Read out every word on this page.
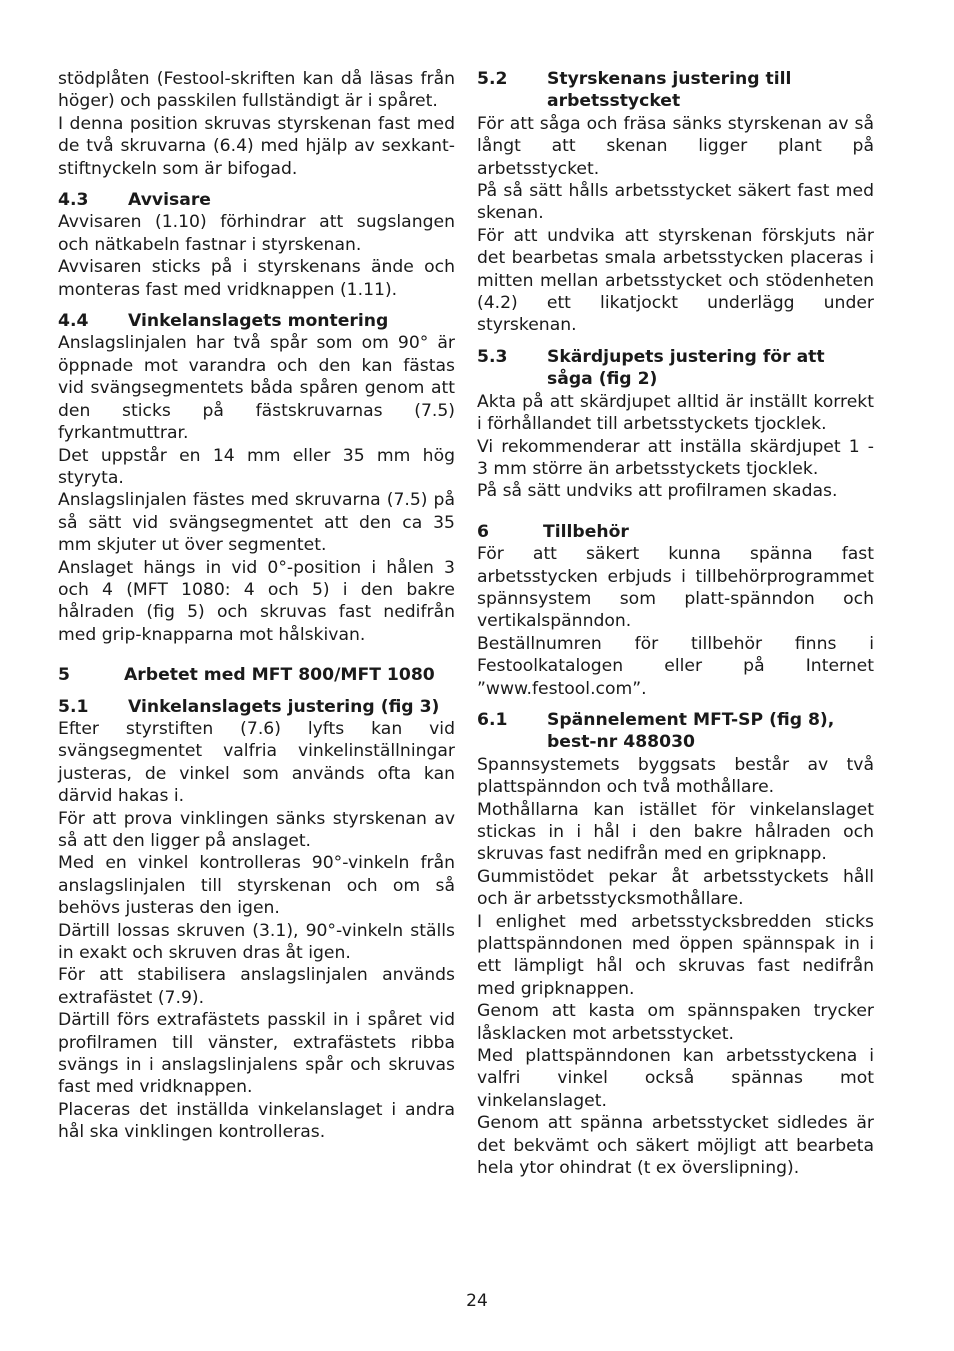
stödplåten (Festool-skriften kan då läsas från höger) och passkilen fullständigt är i spåret.

I denna position skruvas styrskenan fast med de två skruvarna (6.4) med hjälp av sexkant-stiftnyckeln som är bifogad.

4.3	Avvisare

Avvisaren (1.10) förhindrar att sugslangen och nätkabeln fastnar i styrskenan.

Avvisaren sticks på i styrskenans ände och monteras fast med vridknappen (1.11).

4.4	Vinkelanslagets montering

Anslagslinjalen har två spår som om 90° är öppnade mot varandra och den kan fästas vid svängsegmentets båda spåren genom att den sticks på fästskruvarnas (7.5) fyrkantmuttrar.

Det uppstår en 14 mm eller 35 mm hög styryta.

Anslagslinjalen fästes med skruvarna (7.5) på så sätt vid svängsegmentet att den ca 35 mm skjuter ut över segmentet.

Anslaget hängs in vid 0°-position i hålen 3 och 4 (MFT 1080: 4 och 5) i den bakre hålraden (fig 5) och skruvas fast nedifrån med grip-knapparna mot hålskivan.

5	Arbetet med MFT 800/MFT 1080
5.1	Vinkelanslagets justering (fig 3)

Efter styrstiften (7.6) lyfts kan vid svängsegmentet valfria vinkelinställningar justeras, de vinkel som används ofta kan därvid hakas i.

För att prova vinklingen sänks styrskenan av så att den ligger på anslaget.

Med en vinkel kontrolleras 90°-vinkeln från anslagslinjalen till styrskenan och om så behövs justeras den igen.

Därtill lossas skruven (3.1), 90°-vinkeln ställs in exakt och skruven dras åt igen.

För att stabilisera anslagslinjalen används extrafästet (7.9).

Därtill förs extrafästets passkil in i spåret vid profilramen till vänster, extrafästets ribba svängs in i anslagslinjalens spår och skruvas fast med vridknappen.

Placeras det inställda vinkelanslaget i andra hål ska vinklingen kontrolleras.

5.2	Styrskenans justering till arbetsstycket

För att såga och fräsa sänks styrskenan av så långt att skenan ligger plant på arbetsstycket.

På så sätt hålls arbetsstycket säkert fast med skenan.

För att undvika att styrskenan förskjuts när det bearbetas smala arbetsstycken placeras i mitten mellan arbetsstycket och stödenheten (4.2) ett likatjockt underlägg under styrskenan.

5.3	Skärdjupets justering för att såga (fig 2)

Akta på att skärdjupet alltid är inställt korrekt i förhållandet till arbetsstyckets tjocklek.

Vi rekommenderar att inställa skärdjupet 1 - 3 mm större än arbetsstyckets tjocklek.

På så sätt undviks att profilramen skadas.

6	Tillbehör

För att säkert kunna spänna fast arbetsstycken erbjuds i tillbehörprogrammet spännsystem som platt-spänndon och vertikalspänndon.

Beställnumren för tillbehör finns i Festoolkatalogen eller på Internet ”www.festool.com”.

6.1	Spännelement MFT-SP (fig 8), best-nr 488030

Spannsystemets byggsats består av två plattspänndon och två mothållare.

Mothållarna kan istället för vinkelanslaget stickas in i hål i den bakre hålraden och skruvas fast nedifrån med en gripknapp.

Gummistödet pekar åt arbetsstyckets håll och är arbetsstycksmothållare.

I enlighet med arbetsstycksbredden sticks plattspänndonen med öppen spännspak in i ett lämpligt hål och skruvas fast nedifrån med gripknappen.

Genom att kasta om spännspaken trycker låsklacken mot arbetsstycket.

Med plattspänndonen kan arbetsstyckena i valfri vinkel också spännas mot vinkelanslaget.

Genom att spänna arbetsstycket sidledes är det bekvämt och säkert möjligt att bearbeta hela ytor ohindrat (t ex överslipning).

24
